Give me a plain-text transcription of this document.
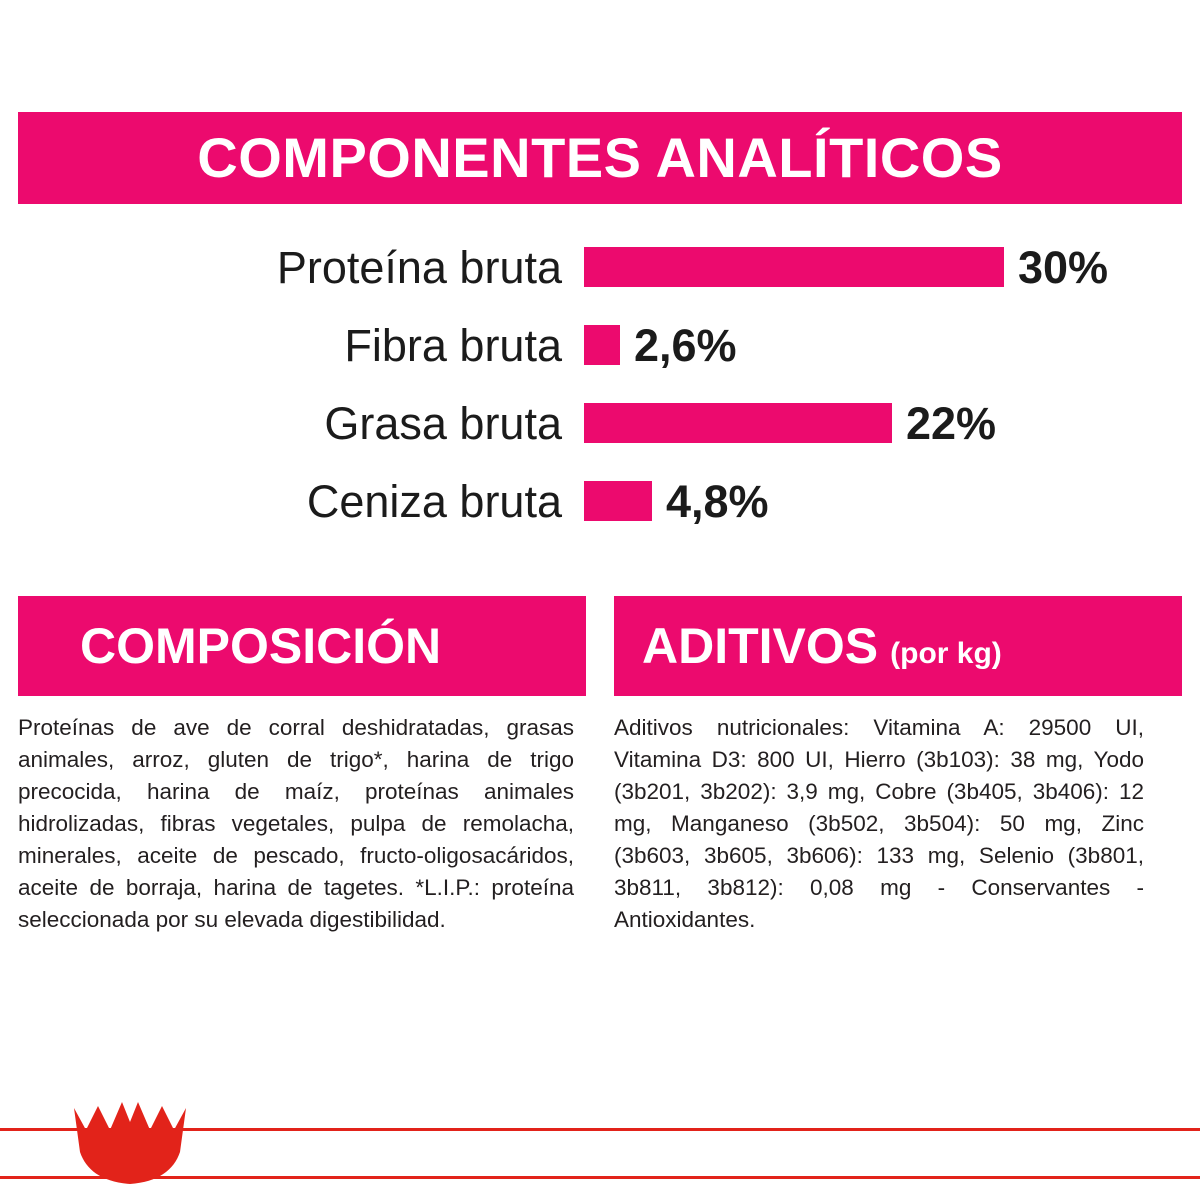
COMPONENTES ANALÍTICOS
Proteína bruta	30%
Fibra bruta	2,6%
Grasa bruta	22%
Ceniza bruta	4,8%
COMPOSICIÓN
Proteínas de ave de corral deshidratadas, grasas animales, arroz, gluten de trigo*, harina de trigo precocida, harina de maíz, proteínas animales hidrolizadas, fibras vegetales, pulpa de remolacha, minerales, aceite de pescado, fructo-oligosacáridos, aceite de borraja, harina de tagetes. *L.I.P.: proteína seleccionada por su elevada digestibilidad.
ADITIVOS (por kg)
Aditivos nutricionales: Vitamina A: 29500 UI, Vitamina D3: 800 UI, Hierro (3b103): 38 mg, Yodo (3b201, 3b202): 3,9 mg, Cobre (3b405, 3b406): 12 mg, Manganeso (3b502, 3b504): 50 mg, Zinc (3b603, 3b605, 3b606): 133 mg, Selenio (3b801, 3b811, 3b812): 0,08 mg - Conservantes - Antioxidantes.
